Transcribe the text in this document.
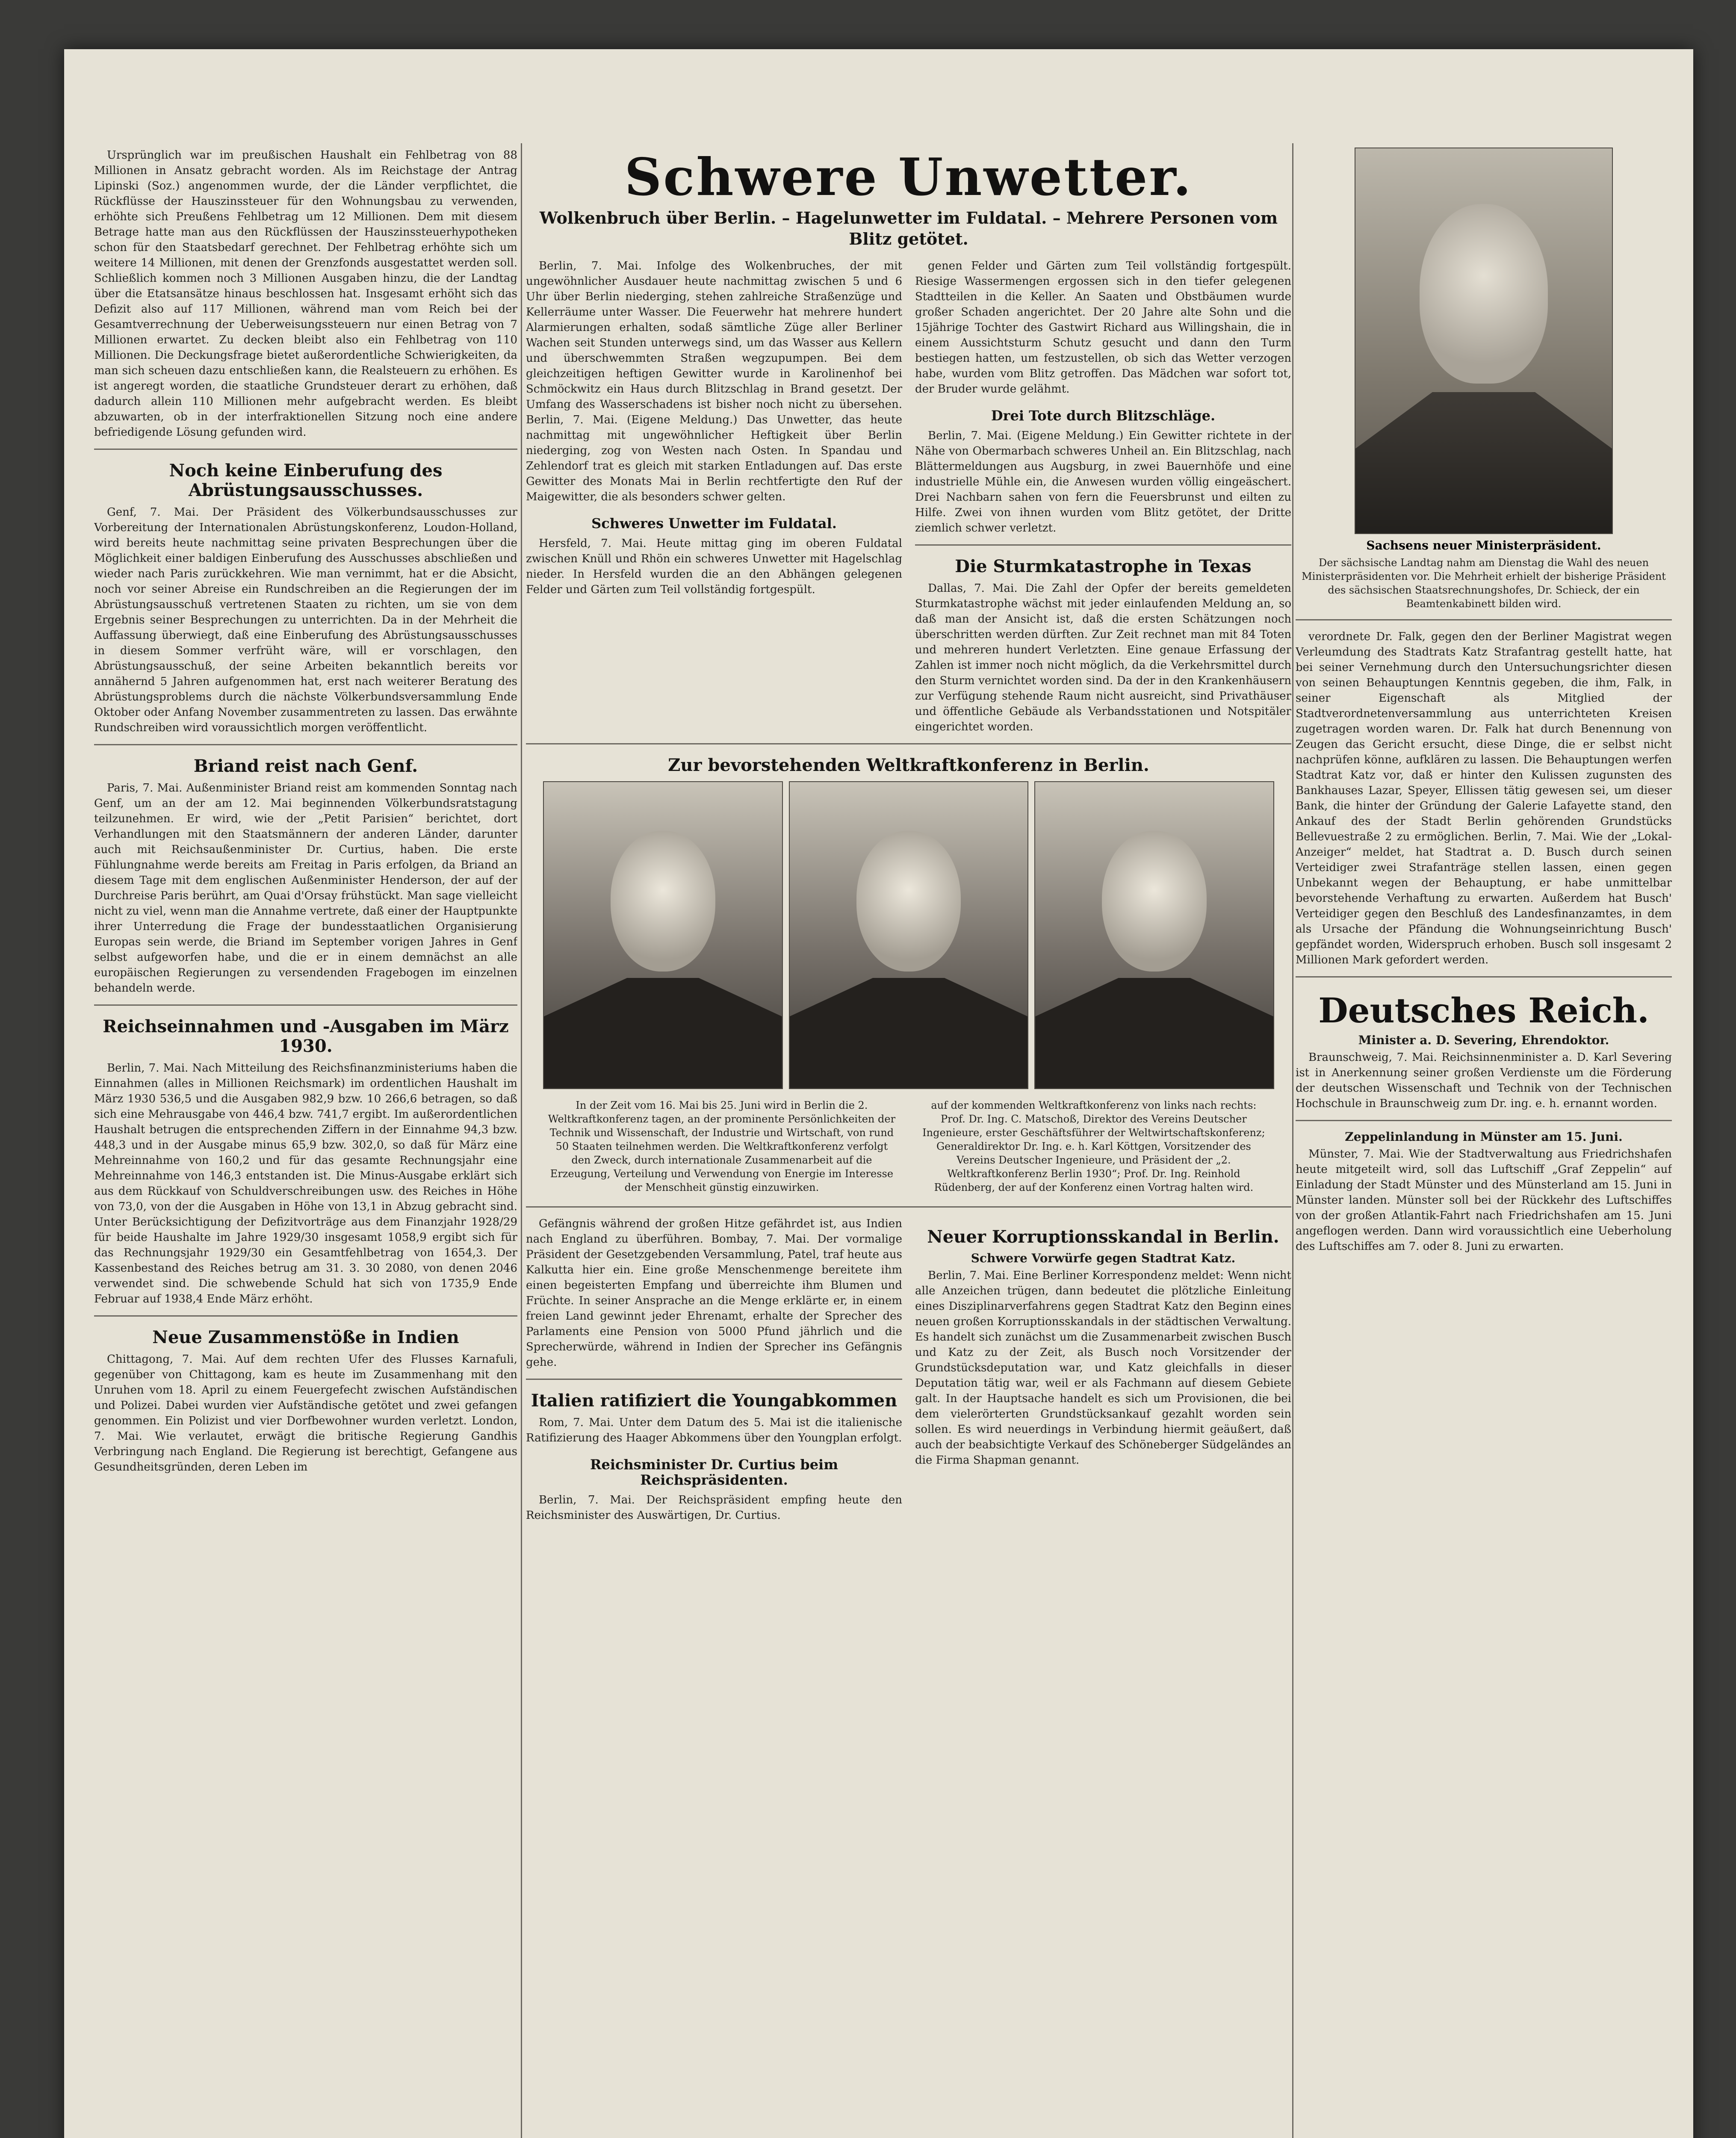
Ursprünglich war im preußischen Haushalt ein Fehlbetrag von 88 Millionen in Ansatz gebracht worden. Als im Reichstage der Antrag Lipinski (Soz.) angenommen wurde, der die Länder verpflichtet, die Rückflüsse der Hauszinssteuer für den Wohnungsbau zu verwenden, erhöhte sich Preußens Fehlbetrag um 12 Millionen. Dem mit diesem Betrage hatte man aus den Rückflüssen der Hauszinssteuerhypotheken schon für den Staatsbedarf gerechnet. Der Fehlbetrag erhöhte sich um weitere 14 Millionen, mit denen der Grenzfonds ausgestattet werden soll. Schließlich kommen noch 3 Millionen Ausgaben hinzu, die der Landtag über die Etatsansätze hinaus beschlossen hat. Insgesamt erhöht sich das Defizit also auf 117 Millionen, während man vom Reich bei der Gesamtverrechnung der Ueberweisungssteuern nur einen Betrag von 7 Millionen erwartet. Zu decken bleibt also ein Fehlbetrag von 110 Millionen. Die Deckungsfrage bietet außerordentliche Schwierigkeiten, da man sich scheuen dazu entschließen kann, die Realsteuern zu erhöhen. Es ist angeregt worden, die staatliche Grundsteuer derart zu erhöhen, daß dadurch allein 110 Millionen mehr aufgebracht werden. Es bleibt abzuwarten, ob in der interfraktionellen Sitzung noch eine andere befriedigende Lösung gefunden wird.

Noch keine Einberufung des Abrüstungsausschusses.

Genf, 7. Mai. Der Präsident des Völkerbundsausschusses zur Vorbereitung der Internationalen Abrüstungskonferenz, Loudon-Holland, wird bereits heute nachmittag seine privaten Besprechungen über die Möglichkeit einer baldigen Einberufung des Ausschusses abschließen und wieder nach Paris zurückkehren. Wie man vernimmt, hat er die Absicht, noch vor seiner Abreise ein Rundschreiben an die Regierungen der im Abrüstungsausschuß vertretenen Staaten zu richten, um sie von dem Ergebnis seiner Besprechungen zu unterrichten. Da in der Mehrheit die Auffassung überwiegt, daß eine Einberufung des Abrüstungsausschusses in diesem Sommer verfrüht wäre, will er vorschlagen, den Abrüstungsausschuß, der seine Arbeiten bekanntlich bereits vor annähernd 5 Jahren aufgenommen hat, erst nach weiterer Beratung des Abrüstungsproblems durch die nächste Völkerbundsversammlung Ende Oktober oder Anfang November zusammentreten zu lassen. Das erwähnte Rundschreiben wird voraussichtlich morgen veröffentlicht.

Briand reist nach Genf.

Paris, 7. Mai. Außenminister Briand reist am kommenden Sonntag nach Genf, um an der am 12. Mai beginnenden Völkerbundsratstagung teilzunehmen. Er wird, wie der „Petit Parisien“ berichtet, dort Verhandlungen mit den Staatsmännern der anderen Länder, darunter auch mit Reichsaußenminister Dr. Curtius, haben. Die erste Fühlungnahme werde bereits am Freitag in Paris erfolgen, da Briand an diesem Tage mit dem englischen Außenminister Henderson, der auf der Durchreise Paris berührt, am Quai d'Orsay frühstückt. Man sage vielleicht nicht zu viel, wenn man die Annahme vertrete, daß einer der Hauptpunkte ihrer Unterredung die Frage der bundesstaatlichen Organisierung Europas sein werde, die Briand im September vorigen Jahres in Genf selbst aufgeworfen habe, und die er in einem demnächst an alle europäischen Regierungen zu versendenden Fragebogen im einzelnen behandeln werde.

Reichseinnahmen und -Ausgaben im März 1930.

Berlin, 7. Mai. Nach Mitteilung des Reichsfinanzministeriums haben die Einnahmen (alles in Millionen Reichsmark) im ordentlichen Haushalt im März 1930 536,5 und die Ausgaben 982,9 bzw. 10 266,6 betragen, so daß sich eine Mehrausgabe von 446,4 bzw. 741,7 ergibt. Im außerordentlichen Haushalt betrugen die entsprechenden Ziffern in der Einnahme 94,3 bzw. 448,3 und in der Ausgabe minus 65,9 bzw. 302,0, so daß für März eine Mehreinnahme von 160,2 und für das gesamte Rechnungsjahr eine Mehreinnahme von 146,3 entstanden ist. Die Minus-Ausgabe erklärt sich aus dem Rückkauf von Schuldverschreibungen usw. des Reiches in Höhe von 73,0, von der die Ausgaben in Höhe von 13,1 in Abzug gebracht sind. Unter Berücksichtigung der Defizitvorträge aus dem Finanzjahr 1928/29 für beide Haushalte im Jahre 1929/30 insgesamt 1058,9 ergibt sich für das Rechnungsjahr 1929/30 ein Gesamtfehlbetrag von 1654,3. Der Kassenbestand des Reiches betrug am 31. 3. 30 2080, von denen 2046 verwendet sind. Die schwebende Schuld hat sich von 1735,9 Ende Februar auf 1938,4 Ende März erhöht.

Neue Zusammenstöße in Indien

Chittagong, 7. Mai. Auf dem rechten Ufer des Flusses Karnafuli, gegenüber von Chittagong, kam es heute im Zusammenhang mit den Unruhen vom 18. April zu einem Feuergefecht zwischen Aufständischen und Polizei. Dabei wurden vier Aufständische getötet und zwei gefangen genommen. Ein Polizist und vier Dorfbewohner wurden verletzt. London, 7. Mai. Wie verlautet, erwägt die britische Regierung Gandhis Verbringung nach England. Die Regierung ist berechtigt, Gefangene aus Gesundheitsgründen, deren Leben im

Schwere Unwetter.
Wolkenbruch über Berlin. – Hagelunwetter im Fuldatal. – Mehrere Personen vom Blitz getötet.

Berlin, 7. Mai. Infolge des Wolkenbruches, der mit ungewöhnlicher Ausdauer heute nachmittag zwischen 5 und 6 Uhr über Berlin niederging, stehen zahlreiche Straßenzüge und Kellerräume unter Wasser. Die Feuerwehr hat mehrere hundert Alarmierungen erhalten, sodaß sämtliche Züge aller Berliner Wachen seit Stunden unterwegs sind, um das Wasser aus Kellern und überschwemmten Straßen wegzupumpen. Bei dem gleichzeitigen heftigen Gewitter wurde in Karolinenhof bei Schmöckwitz ein Haus durch Blitzschlag in Brand gesetzt. Der Umfang des Wasserschadens ist bisher noch nicht zu übersehen. Berlin, 7. Mai. (Eigene Meldung.) Das Unwetter, das heute nachmittag mit ungewöhnlicher Heftigkeit über Berlin niederging, zog von Westen nach Osten. In Spandau und Zehlendorf trat es gleich mit starken Entladungen auf. Das erste Gewitter des Monats Mai in Berlin rechtfertigte den Ruf der Maigewitter, die als besonders schwer gelten.

Schweres Unwetter im Fuldatal.

Hersfeld, 7. Mai. Heute mittag ging im oberen Fuldatal zwischen Knüll und Rhön ein schweres Unwetter mit Hagelschlag nieder. In Hersfeld wurden die an den Abhängen gelegenen Felder und Gärten zum Teil vollständig fortgespült.

genen Felder und Gärten zum Teil vollständig fortgespült. Riesige Wassermengen ergossen sich in den tiefer gelegenen Stadtteilen in die Keller. An Saaten und Obstbäumen wurde großer Schaden angerichtet. Der 20 Jahre alte Sohn und die 15jährige Tochter des Gastwirt Richard aus Willingshain, die in einem Aussichtsturm Schutz gesucht und dann den Turm bestiegen hatten, um festzustellen, ob sich das Wetter verzogen habe, wurden vom Blitz getroffen. Das Mädchen war sofort tot, der Bruder wurde gelähmt.

Drei Tote durch Blitzschläge.

Berlin, 7. Mai. (Eigene Meldung.) Ein Gewitter richtete in der Nähe von Obermarbach schweres Unheil an. Ein Blitzschlag, nach Blättermeldungen aus Augsburg, in zwei Bauernhöfe und eine industrielle Mühle ein, die Anwesen wurden völlig eingeäschert. Drei Nachbarn sahen von fern die Feuersbrunst und eilten zu Hilfe. Zwei von ihnen wurden vom Blitz getötet, der Dritte ziemlich schwer verletzt.

Die Sturmkatastrophe in Texas

Dallas, 7. Mai. Die Zahl der Opfer der bereits gemeldeten Sturmkatastrophe wächst mit jeder einlaufenden Meldung an, so daß man der Ansicht ist, daß die ersten Schätzungen noch überschritten werden dürften. Zur Zeit rechnet man mit 84 Toten und mehreren hundert Verletzten. Eine genaue Erfassung der Zahlen ist immer noch nicht möglich, da die Verkehrsmittel durch den Sturm vernichtet worden sind. Da der in den Krankenhäusern zur Verfügung stehende Raum nicht ausreicht, sind Privathäuser und öffentliche Gebäude als Verbandsstationen und Notspitäler eingerichtet worden.

Zur bevorstehenden Weltkraftkonferenz in Berlin.

In der Zeit vom 16. Mai bis 25. Juni wird in Berlin die 2. Weltkraftkonferenz tagen, an der prominente Persönlichkeiten der Technik und Wissenschaft, der Industrie und Wirtschaft, von rund 50 Staaten teilnehmen werden. Die Weltkraftkonferenz verfolgt den Zweck, durch internationale Zusammenarbeit auf die Erzeugung, Verteilung und Verwendung von Energie im Interesse der Menschheit günstig einzuwirken.

auf der kommenden Weltkraftkonferenz von links nach rechts: Prof. Dr. Ing. C. Matschoß, Direktor des Vereins Deutscher Ingenieure, erster Geschäftsführer der Weltwirtschaftskonferenz; Generaldirektor Dr. Ing. e. h. Karl Köttgen, Vorsitzender des Vereins Deutscher Ingenieure, und Präsident der „2. Weltkraftkonferenz Berlin 1930“; Prof. Dr. Ing. Reinhold Rüdenberg, der auf der Konferenz einen Vortrag halten wird.

Gefängnis während der großen Hitze gefährdet ist, aus Indien nach England zu überführen. Bombay, 7. Mai. Der vormalige Präsident der Gesetzgebenden Versammlung, Patel, traf heute aus Kalkutta hier ein. Eine große Menschenmenge bereitete ihm einen begeisterten Empfang und überreichte ihm Blumen und Früchte. In seiner Ansprache an die Menge erklärte er, in einem freien Land gewinnt jeder Ehrenamt, erhalte der Sprecher des Parlaments eine Pension von 5000 Pfund jährlich und die Sprecherwürde, während in Indien der Sprecher ins Gefängnis gehe.

Italien ratifiziert die Youngabkommen

Rom, 7. Mai. Unter dem Datum des 5. Mai ist die italienische Ratifizierung des Haager Abkommens über den Youngplan erfolgt.

Reichsminister Dr. Curtius beim Reichspräsidenten.

Berlin, 7. Mai. Der Reichspräsident empfing heute den Reichsminister des Auswärtigen, Dr. Curtius.

Neuer Korruptionsskandal in Berlin.
Schwere Vorwürfe gegen Stadtrat Katz.

Berlin, 7. Mai. Eine Berliner Korrespondenz meldet: Wenn nicht alle Anzeichen trügen, dann bedeutet die plötzliche Einleitung eines Disziplinarverfahrens gegen Stadtrat Katz den Beginn eines neuen großen Korruptionsskandals in der städtischen Verwaltung. Es handelt sich zunächst um die Zusammenarbeit zwischen Busch und Katz zu der Zeit, als Busch noch Vorsitzender der Grundstücksdeputation war, und Katz gleichfalls in dieser Deputation tätig war, weil er als Fachmann auf diesem Gebiete galt. In der Hauptsache handelt es sich um Provisionen, die bei dem vielerörterten Grundstücksankauf gezahlt worden sein sollen. Es wird neuerdings in Verbindung hiermit geäußert, daß auch der beabsichtigte Verkauf des Schöneberger Südgeländes an die Firma Shapman genannt.

Sachsens neuer Ministerpräsident.

Der sächsische Landtag nahm am Dienstag die Wahl des neuen Ministerpräsidenten vor. Die Mehrheit erhielt der bisherige Präsident des sächsischen Staatsrechnungshofes, Dr. Schieck, der ein Beamtenkabinett bilden wird.

verordnete Dr. Falk, gegen den der Berliner Magistrat wegen Verleumdung des Stadtrats Katz Strafantrag gestellt hatte, hat bei seiner Vernehmung durch den Untersuchungsrichter diesen von seinen Behauptungen Kenntnis gegeben, die ihm, Falk, in seiner Eigenschaft als Mitglied der Stadtverordnetenversammlung aus unterrichteten Kreisen zugetragen worden waren. Dr. Falk hat durch Benennung von Zeugen das Gericht ersucht, diese Dinge, die er selbst nicht nachprüfen könne, aufklären zu lassen. Die Behauptungen werfen Stadtrat Katz vor, daß er hinter den Kulissen zugunsten des Bankhauses Lazar, Speyer, Ellissen tätig gewesen sei, um dieser Bank, die hinter der Gründung der Galerie Lafayette stand, den Ankauf des der Stadt Berlin gehörenden Grundstücks Bellevuestraße 2 zu ermöglichen. Berlin, 7. Mai. Wie der „Lokal-Anzeiger“ meldet, hat Stadtrat a. D. Busch durch seinen Verteidiger zwei Strafanträge stellen lassen, einen gegen Unbekannt wegen der Behauptung, er habe unmittelbar bevorstehende Verhaftung zu erwarten. Außerdem hat Busch' Verteidiger gegen den Beschluß des Landesfinanzamtes, in dem als Ursache der Pfändung die Wohnungseinrichtung Busch' gepfändet worden, Widerspruch erhoben. Busch soll insgesamt 2 Millionen Mark gefordert werden.

Deutsches Reich.
Minister a. D. Severing, Ehrendoktor.

Braunschweig, 7. Mai. Reichsinnenminister a. D. Karl Severing ist in Anerkennung seiner großen Verdienste um die Förderung der deutschen Wissenschaft und Technik von der Technischen Hochschule in Braunschweig zum Dr. ing. e. h. ernannt worden.

Zeppelinlandung in Münster am 15. Juni.

Münster, 7. Mai. Wie der Stadtverwaltung aus Friedrichshafen heute mitgeteilt wird, soll das Luftschiff „Graf Zeppelin“ auf Einladung der Stadt Münster und des Münsterland am 15. Juni in Münster landen. Münster soll bei der Rückkehr des Luftschiffes von der großen Atlantik-Fahrt nach Friedrichshafen am 15. Juni angeflogen werden. Dann wird voraussichtlich eine Ueberholung des Luftschiffes am 7. oder 8. Juni zu erwarten.
